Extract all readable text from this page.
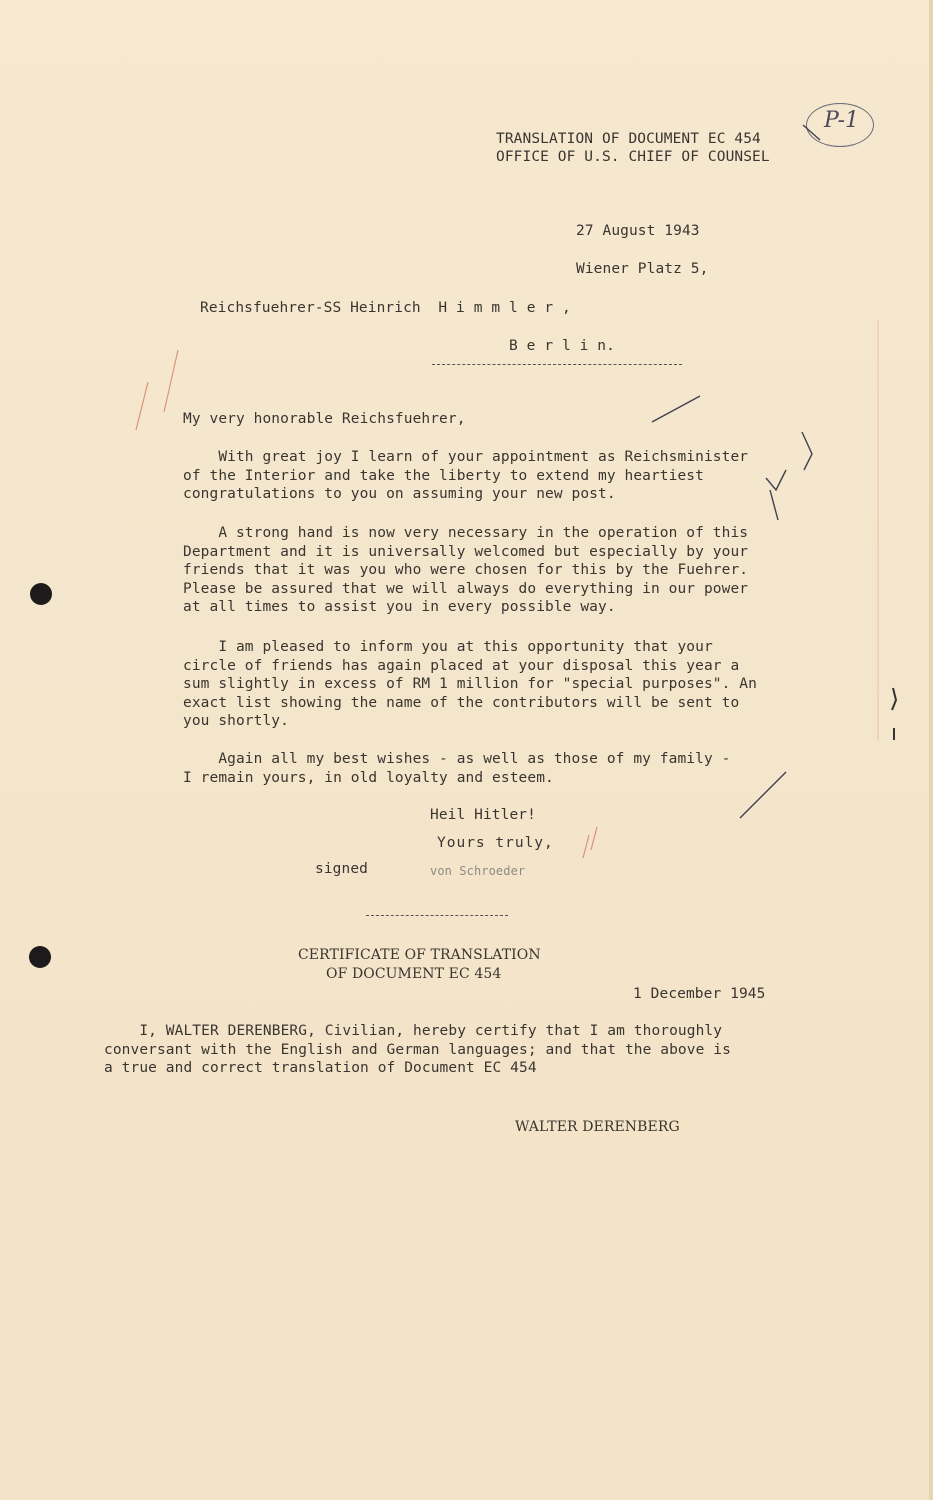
TRANSLATION OF DOCUMENT EC 454
OFFICE OF U.S. CHIEF OF COUNSEL
P-1
27 August 1943
Wiener Platz 5,
Reichsfuehrer-SS Heinrich  H i m m l e r ,
B e r l i n.
My very honorable Reichsfuehrer,
With great joy I learn of your appointment as Reichsminister
of the Interior and take the liberty to extend my heartiest
congratulations to you on assuming your new post.
A strong hand is now very necessary in the operation of this
Department and it is universally welcomed but especially by your
friends that it was you who were chosen for this by the Fuehrer.
Please be assured that we will always do everything in our power
at all times to assist you in every possible way.
I am pleased to inform you at this opportunity that your
circle of friends has again placed at your disposal this year a
sum slightly in excess of RM 1 million for "special purposes". An
exact list showing the name of the contributors will be sent to
you shortly.
Again all my best wishes - as well as those of my family -
I remain yours, in old loyalty and esteem.
Heil Hitler!
Yours truly,
signed	von Schroeder
CERTIFICATE OF TRANSLATION
OF DOCUMENT EC 454
1 December 1945
I, WALTER DERENBERG, Civilian, hereby certify that I am thoroughly
conversant with the English and German languages; and that the above is
a true and correct translation of Document EC 454
WALTER DERENBERG
